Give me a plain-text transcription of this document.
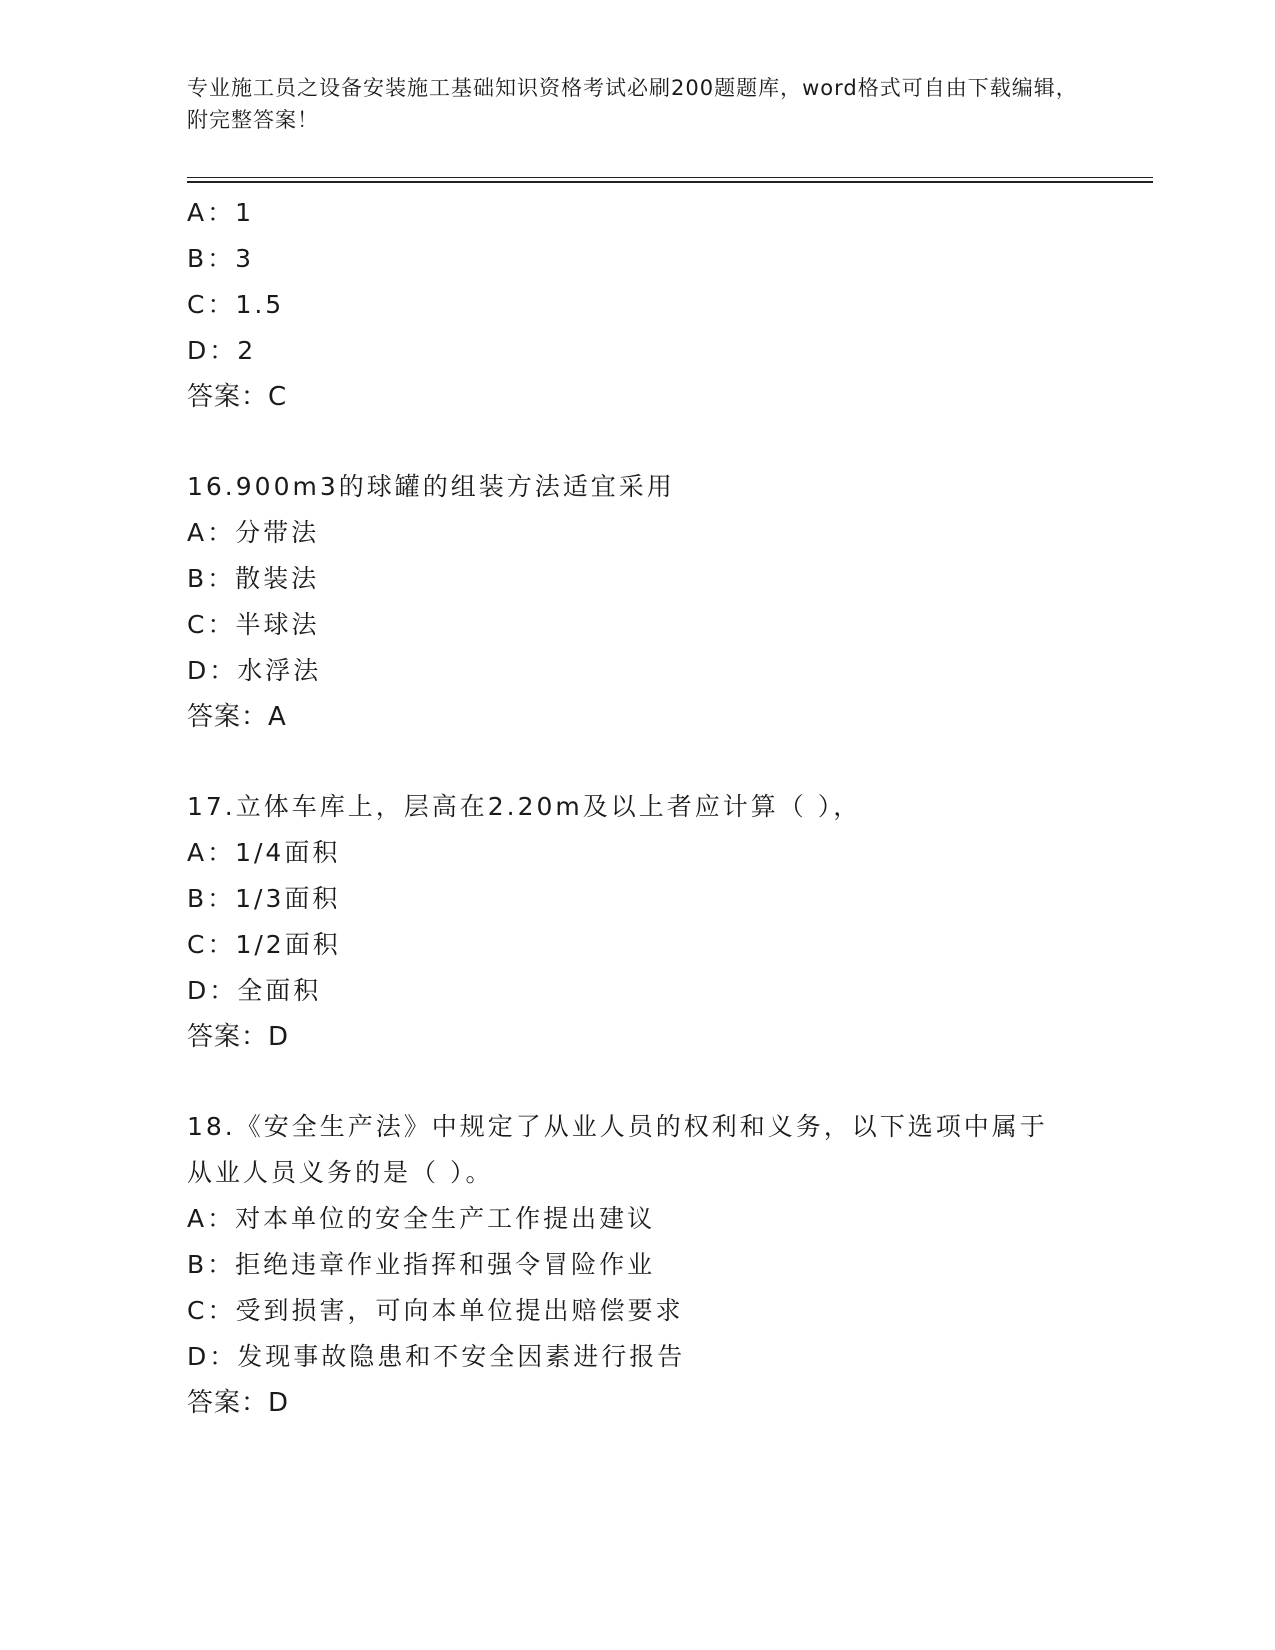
专业施工员之设备安装施工基础知识资格考试必刷200题题库，word格式可自由下载编辑，附完整答案！
A：1
B：3
C：1.5
D：2
答案：C
16.900m3的球罐的组装方法适宜采用
A：分带法
B：散装法
C：半球法
D：水浮法
答案：A
17.立体车库上，层高在2.20m及以上者应计算（ ），
A：1/4面积
B：1/3面积
C：1/2面积
D：全面积
答案：D
18.《安全生产法》中规定了从业人员的权利和义务，以下选项中属于从业人员义务的是（ ）。
A：对本单位的安全生产工作提出建议
B：拒绝违章作业指挥和强令冒险作业
C：受到损害，可向本单位提出赔偿要求
D：发现事故隐患和不安全因素进行报告
答案：D
